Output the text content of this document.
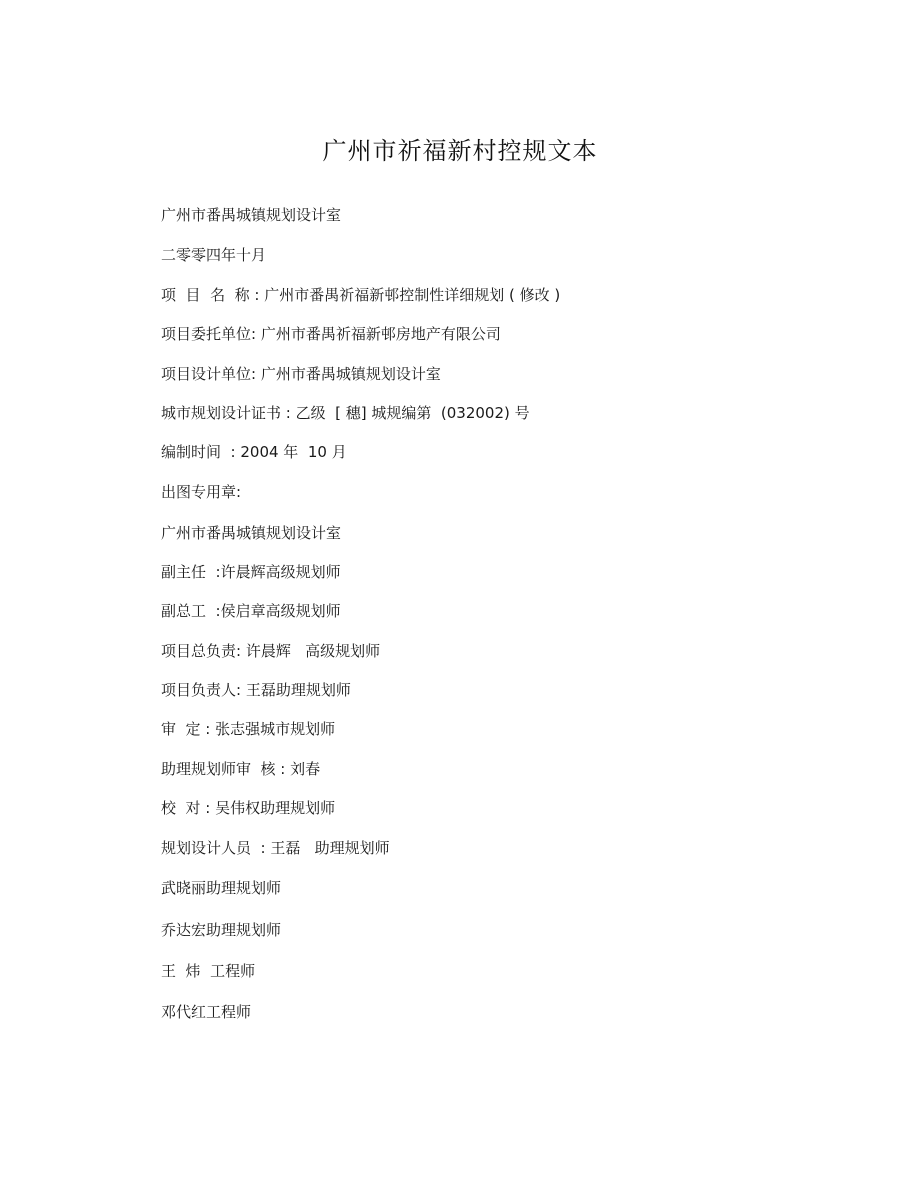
广州市祈福新村控规文本
广州市番禺城镇规划设计室
二零零四年十月
项  目  名  称 : 广州市番禺祈福新邨控制性详细规划 ( 修改 )
项目委托单位: 广州市番禺祈福新邨房地产有限公司
项目设计单位: 广州市番禺城镇规划设计室
城市规划设计证书 : 乙级  [ 穗] 城规编第  (032002) 号
编制时间  : 2004 年  10 月
出图专用章:
广州市番禺城镇规划设计室
副主任  :许晨辉高级规划师
副总工  :侯启章高级规划师
项目总负责: 许晨辉   高级规划师
项目负责人: 王磊助理规划师
审  定 : 张志强城市规划师
助理规划师审  核 : 刘春
校  对 : 吴伟权助理规划师
规划设计人员  : 王磊   助理规划师
武晓丽助理规划师
乔达宏助理规划师
王  炜  工程师
邓代红工程师
